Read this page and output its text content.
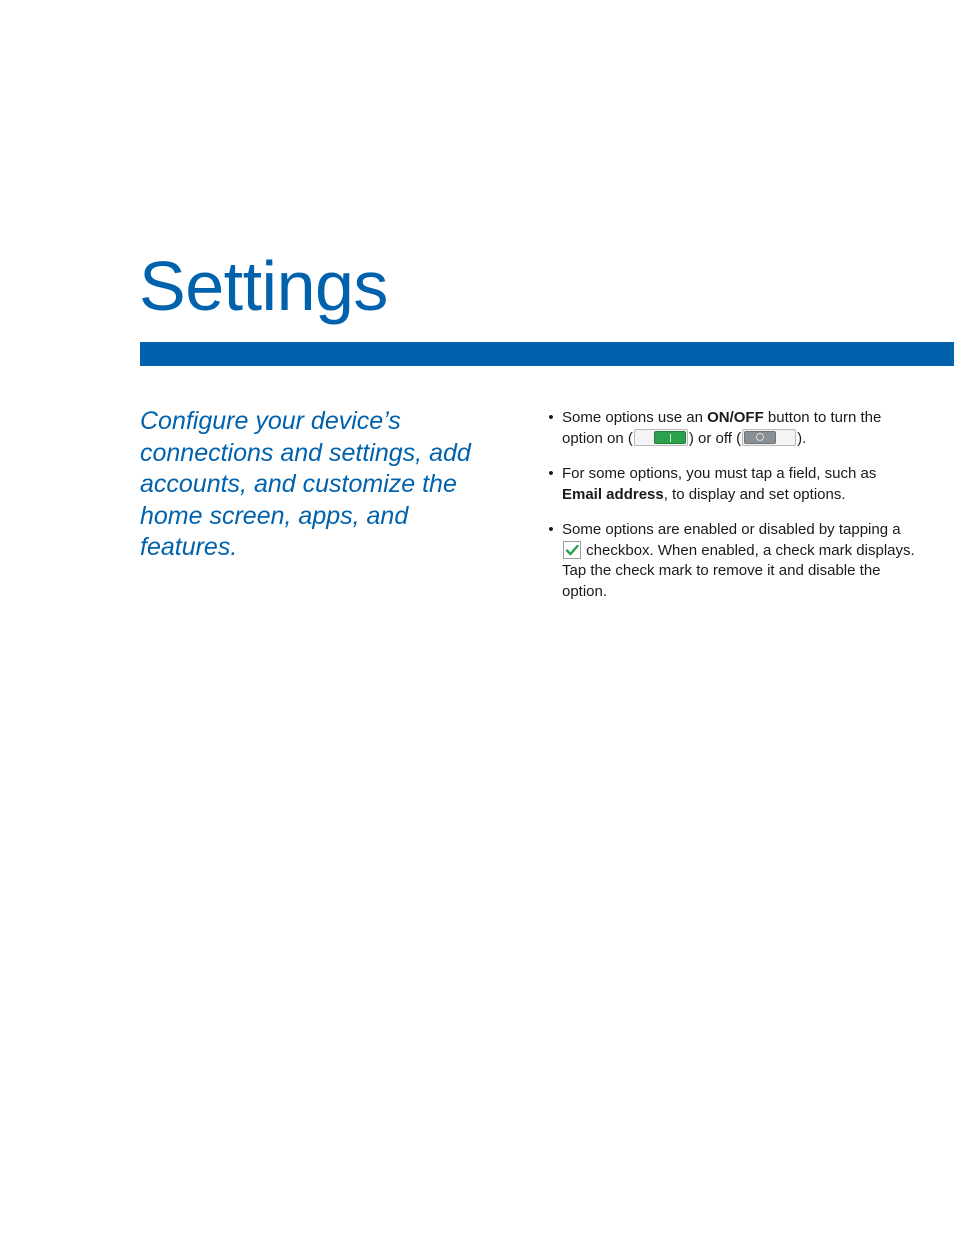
Settings

Configure your device’s connections and settings, add accounts, and customize the home screen, apps, and features.

• Some options use an ON/OFF button to turn the option on (	) or off (	).
• For some options, you must tap a field, such as Email address, to display and set options.
• Some options are enabled or disabled by tapping a
checkbox. When enabled, a check mark displays. Tap the check mark to remove it and disable the option.
